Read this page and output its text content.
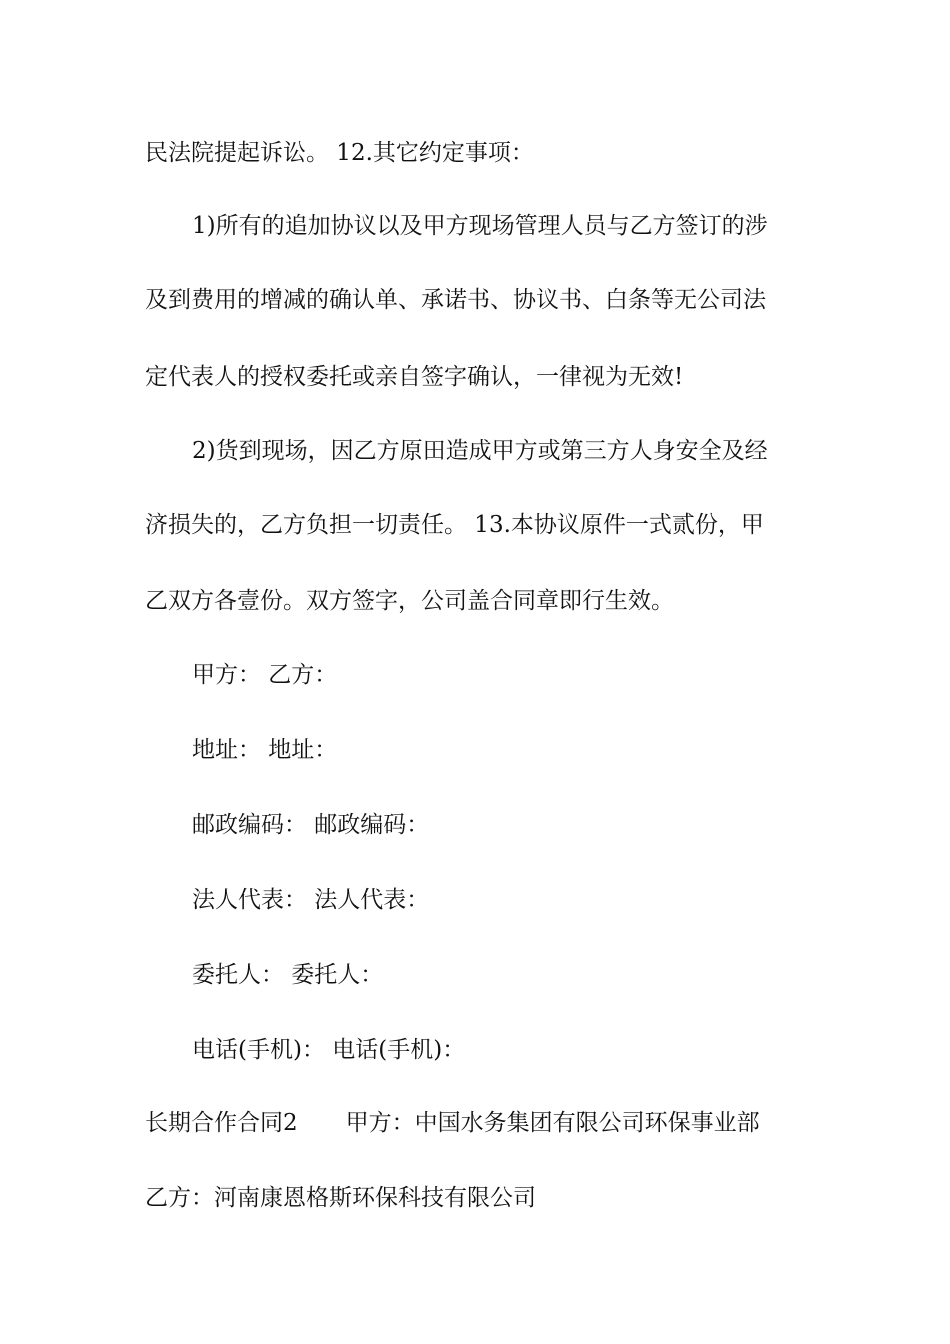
民法院提起诉讼。 12.其它约定事项：
1)所有的追加协议以及甲方现场管理人员与乙方签订的涉
及到费用的增减的确认单、承诺书、协议书、白条等无公司法
定代表人的授权委托或亲自签字确认，一律视为无效!
2)货到现场，因乙方原田造成甲方或第三方人身安全及经
济损失的，乙方负担一切责任。 13.本协议原件一式贰份，甲
乙双方各壹份。双方签字，公司盖合同章即行生效。
甲方： 乙方：
地址： 地址：
邮政编码： 邮政编码：
法人代表： 法人代表：
委托人： 委托人：
电话(手机)： 电话(手机)：
长期合作合同2 甲方：中国水务集团有限公司环保事业部
乙方：河南康恩格斯环保科技有限公司
